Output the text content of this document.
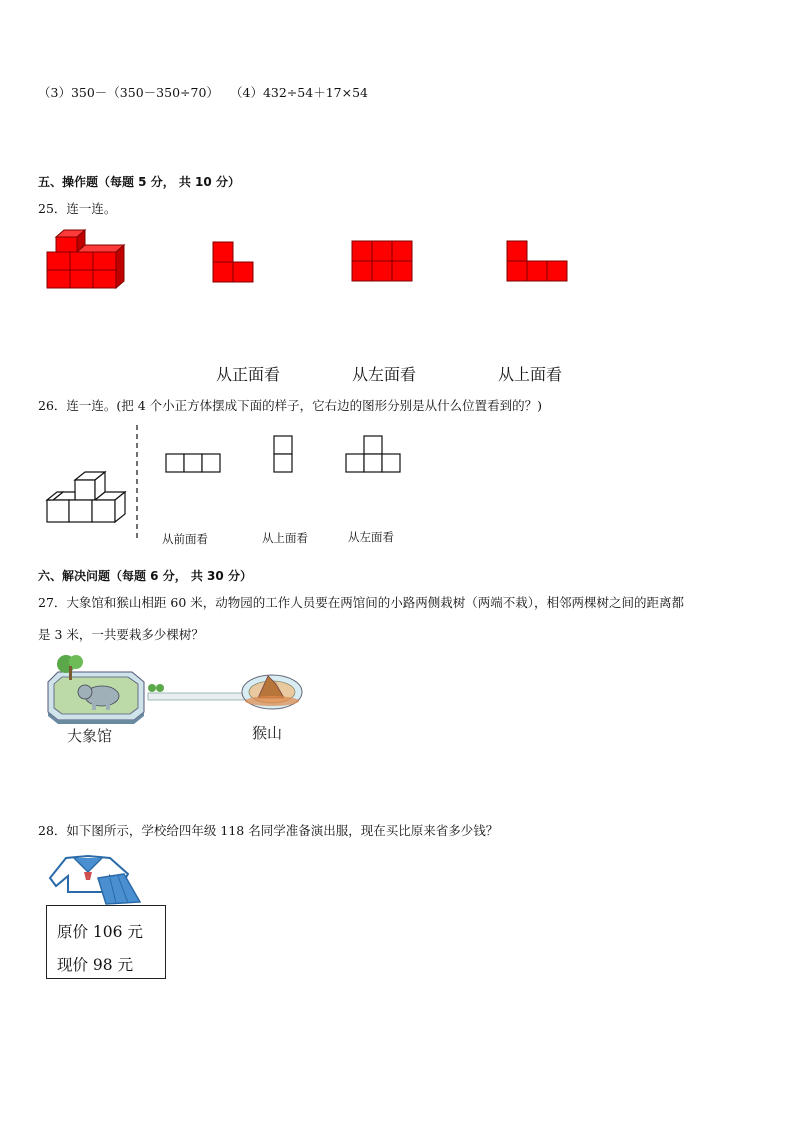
（3）350－（350－350÷70） （4）432÷54＋17×54
五、操作题（每题 5 分， 共 10 分）
25．连一连。
从正面看	从左面看	从上面看
26．连一连。(把 4 个小正方体摆成下面的样子，它右边的图形分别是从什么位置看到的？)
从前面看	从上面看	从左面看
六、解决问题（每题 6 分， 共 30 分）
27．大象馆和猴山相距 60 米，动物园的工作人员要在两馆间的小路两侧栽树（两端不栽），相邻两棵树之间的距离都
是 3 米，一共要栽多少棵树？
大象馆	猴山
28．如下图所示，学校给四年级 118 名同学准备演出服，现在买比原来省多少钱？
原价 106 元
现价 98 元
